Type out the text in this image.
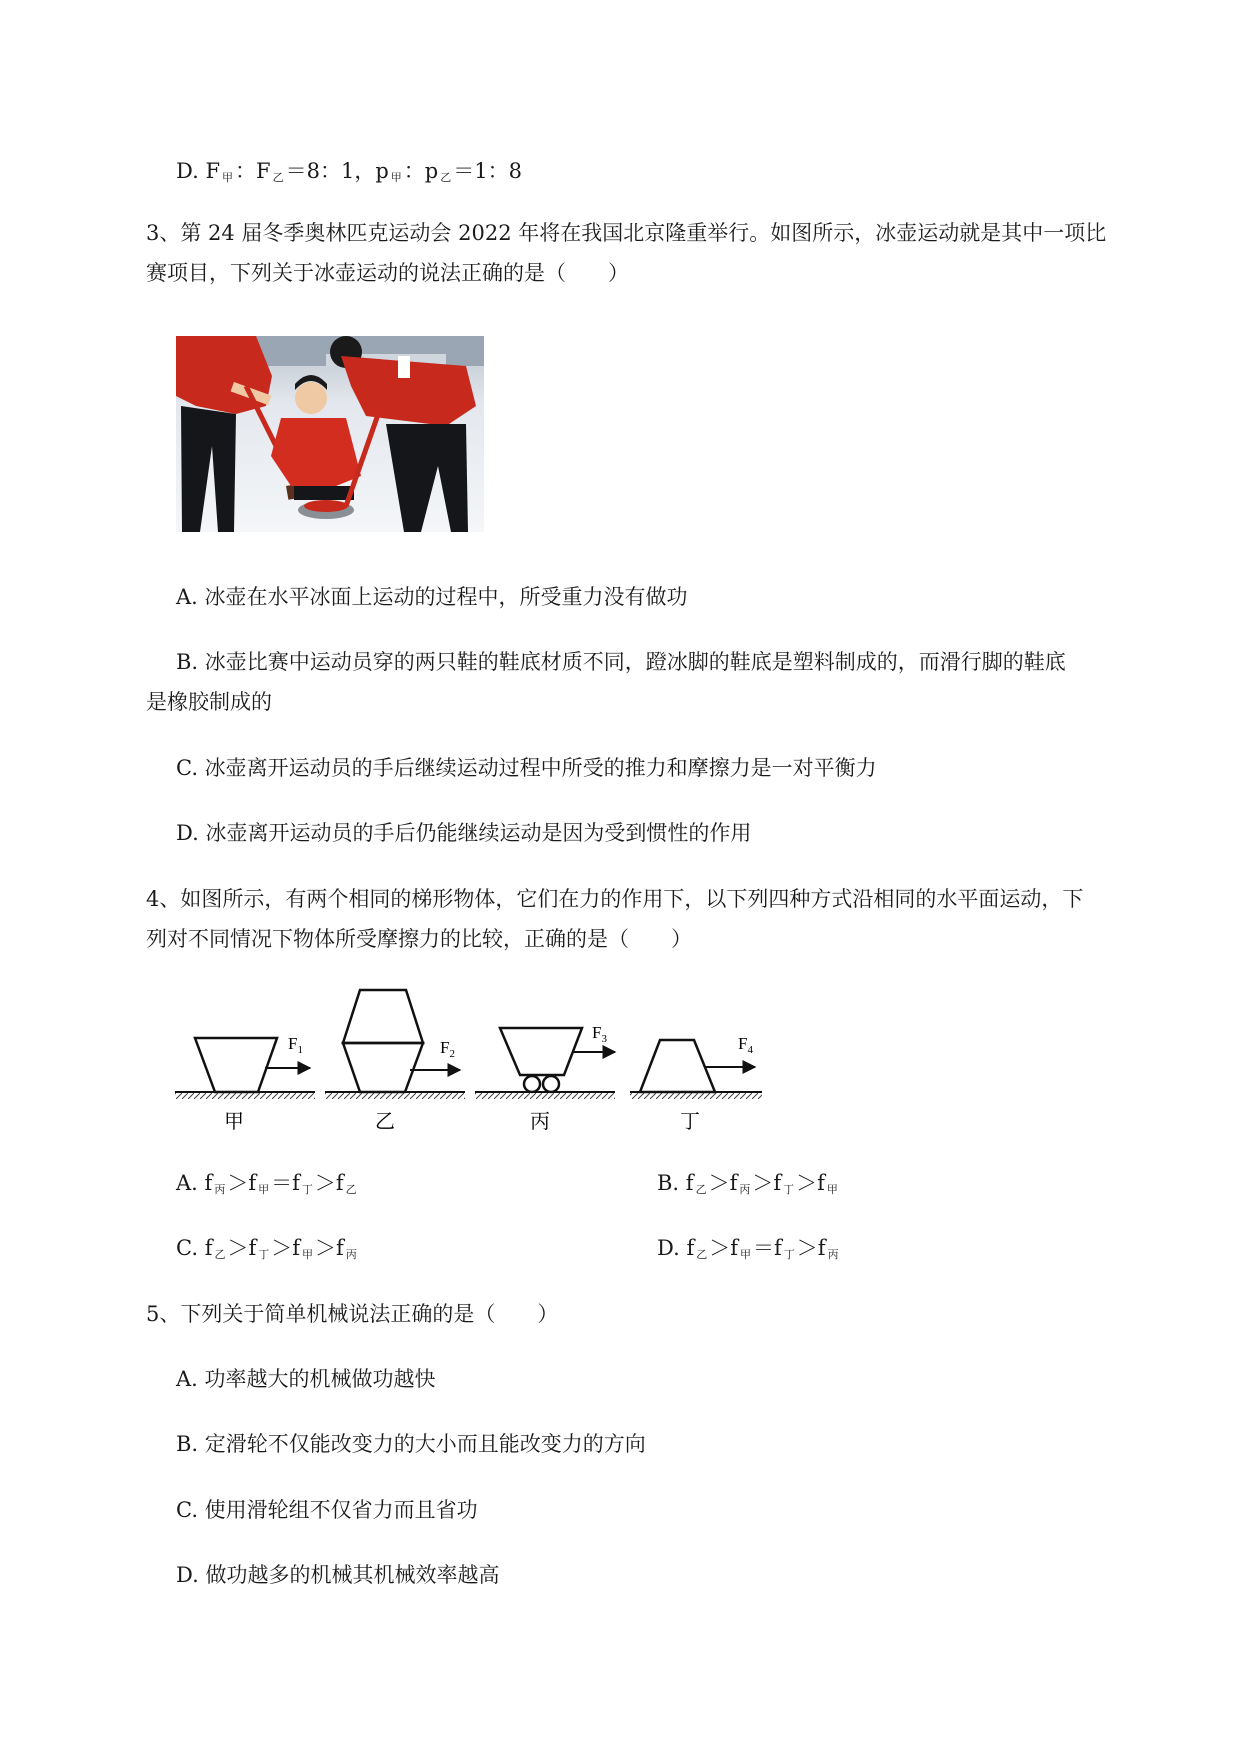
D. F $_甲$：F $_乙$＝8：1，p $_甲$：p $_乙$＝1：8
3、第 24 届冬季奥林匹克运动会 2022 年将在我国北京隆重举行。如图所示，冰壶运动就是其中一项比
赛项目，下列关于冰壶运动的说法正确的是（　　）
A. 冰壶在水平冰面上运动的过程中，所受重力没有做功
B. 冰壶比赛中运动员穿的两只鞋的鞋底材质不同，蹬冰脚的鞋底是塑料制成的，而滑行脚的鞋底
是橡胶制成的
C. 冰壶离开运动员的手后继续运动过程中所受的推力和摩擦力是一对平衡力
D. 冰壶离开运动员的手后仍能继续运动是因为受到惯性的作用
4、如图所示，有两个相同的梯形物体，它们在力的作用下，以下列四种方式沿相同的水平面运动，下
列对不同情况下物体所受摩擦力的比较，正确的是（　　）
$F_1$
甲
$F_2$
乙
$F_3$
丙
$F_4$
丁
A. f $_丙$＞f $_甲$＝f $_丁$＞f $_乙$	B. f $_乙$＞f $_丙$＞f $_丁$＞f $_甲$
C. f $_乙$＞f $_丁$＞f $_甲$＞f $_丙$	D. f $_乙$＞f $_甲$＝f $_丁$＞f $_丙$
5、下列关于简单机械说法正确的是（　　）
A. 功率越大的机械做功越快
B. 定滑轮不仅能改变力的大小而且能改变力的方向
C. 使用滑轮组不仅省力而且省功
D. 做功越多的机械其机械效率越高
